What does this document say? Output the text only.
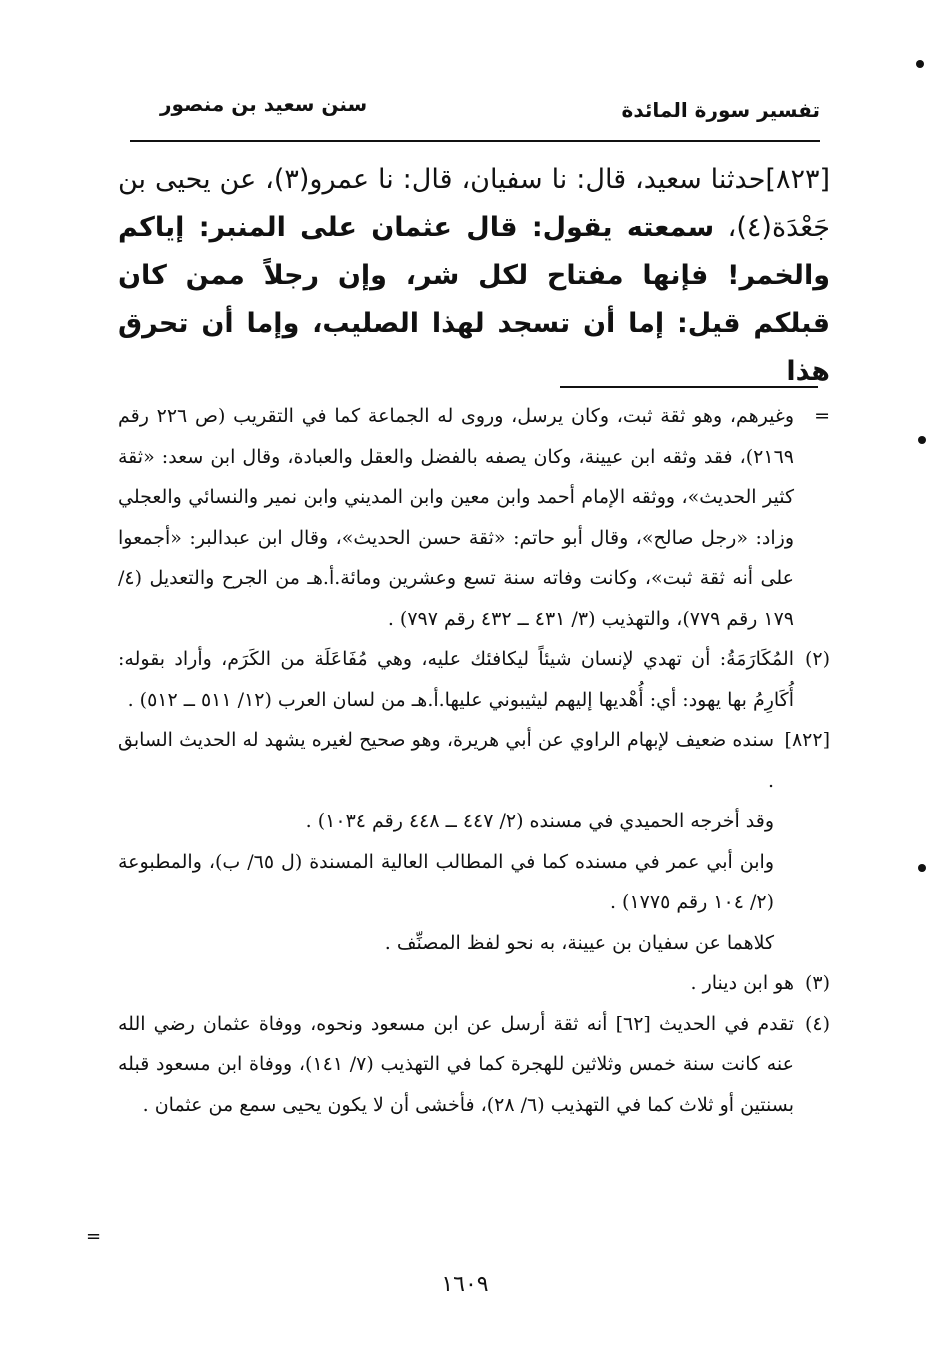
تفسير سورة المائدة
سنن سعيد بن منصور
[٨٢٣]حدثنا سعيد، قال: نا سفيان، قال: نا عمرو(٣)، عن يحيى بن جَعْدَة(٤)، سمعته يقول: قال عثمان على المنبر: إياكم والخمر! فإنها مفتاح لكل شر، وإن رجلاً ممن كان قبلكم قيل: إما أن تسجد لهذا الصليب، وإما أن تحرق هذا
=
وغيرهم، وهو ثقة ثبت، وكان يرسل، وروى له الجماعة كما في التقريب (ص ٢٢٦ رقم ٢١٦٩)، فقد وثقه ابن عيينة، وكان يصفه بالفضل والعقل والعبادة، وقال ابن سعد: «ثقة كثير الحديث»، ووثقه الإمام أحمد وابن معين وابن المديني وابن نمير والنسائي والعجلي وزاد: «رجل صالح»، وقال أبو حاتم: «ثقة حسن الحديث»، وقال ابن عبدالبر: «أجمعوا على أنه ثقة ثبت»، وكانت وفاته سنة تسع وعشرين ومائة.أ.هـ من الجرح والتعديل (٤/ ١٧٩ رقم ٧٧٩)، والتهذيب (٣/ ٤٣١ ــ ٤٣٢ رقم ٧٩٧) .
(٢)
المُكَارَمَةُ: أن تهدي لإنسان شيئاً ليكافئك عليه، وهي مُفَاعَلَة من الكَرَم، وأراد بقوله: أُكَارِمُ بها يهود: أي: أُهْديها إليهم ليثيبوني عليها.أ.هـ من لسان العرب (١٢/ ٥١١ ــ ٥١٢) .
[٨٢٢]
سنده ضعيف لإبهام الراوي عن أبي هريرة، وهو صحيح لغيره يشهد له الحديث السابق .
وقد أخرجه الحميدي في مسنده (٢/ ٤٤٧ ــ ٤٤٨ رقم ١٠٣٤) .
وابن أبي عمر في مسنده كما في المطالب العالية المسندة (ل ٦٥/ ب)، والمطبوعة (٢/ ١٠٤ رقم ١٧٧٥) .
كلاهما عن سفيان بن عيينة، به نحو لفظ المصنِّف .
(٣)
هو ابن دينار .
(٤)
تقدم في الحديث [٦٢] أنه ثقة أرسل عن ابن مسعود ونحوه، ووفاة عثمان رضي الله عنه كانت سنة خمس وثلاثين للهجرة كما في التهذيب (٧/ ١٤١)، ووفاة ابن مسعود قبله بسنتين أو ثلاث كما في التهذيب (٦/ ٢٨)، فأخشى أن لا يكون يحيى سمع من عثمان .
١٦٠٩
=
